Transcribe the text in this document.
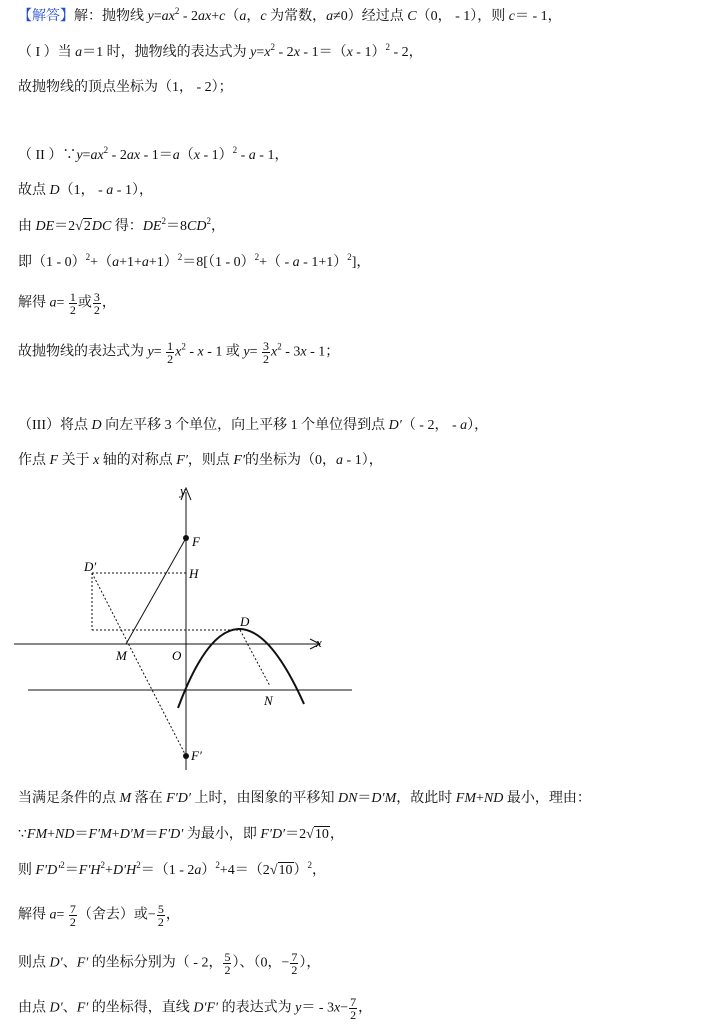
【解答】解：抛物线 $y=ax^2 - 2ax+c(a$，c 为常数，a≠0）经过点 C（0， - 1），则 c＝ - 1，
（ I ）当 a＝1 时，抛物线的表达式为 $y=x^2 - 2x - 1=(x - 1)^2 - 2$，
故抛物线的顶点坐标为（1， - 2）；
（ II ）$\because y=ax^2 - 2ax - 1=a(x - 1)^2 - a - 1$，
故点 D（1， - a - 1），
由 DE＝2√2DC 得：$DE^2=8CD^2$，
即$(1 - 0)^2+(a+1+a+1)^2=8[(1 - 0)^2+( - a - 1+1)^2]$，
解得 $a= \frac{1}{2}$ 或 $\frac{3}{2}$ ，
故抛物线的表达式为 $y= \frac{1}{2} x^2 - x - 1$ 或 $y= \frac{3}{2} x^2 - 3x - 1$；
（III）将点 D 向左平移 3 个单位，向上平移 1 个单位得到点 D′（ - 2， - a），
作点 F 关于 x 轴的对称点 F′，则点 F′的坐标为（0，a - 1），
y
x
F
D′	H
D
M	O
N
F′
当满足条件的点 M 落在 F′D′ 上时，由图象的平移知 DN＝D′M，故此时 FM+ND 最小，理由：
∵FM+ND＝F′M+D′M＝F′D′ 为最小，即 F′D′＝2√10，
则 $F'D'^2=F'H^2+D'H^2=(1 - 2a)^2+4=(2√10)^2$，
解得 $a= \frac{7}{2}$ （舍去）或− $\frac{5}{2}$ ，
则点 D′、F′ 的坐标分别为（ - 2， $\frac{5}{2}$ ）、（0，− $\frac{7}{2}$ ），
由点 D′、F′ 的坐标得，直线 D′F′ 的表达式为 $y= - 3x- \frac{7}{2}$ ，
